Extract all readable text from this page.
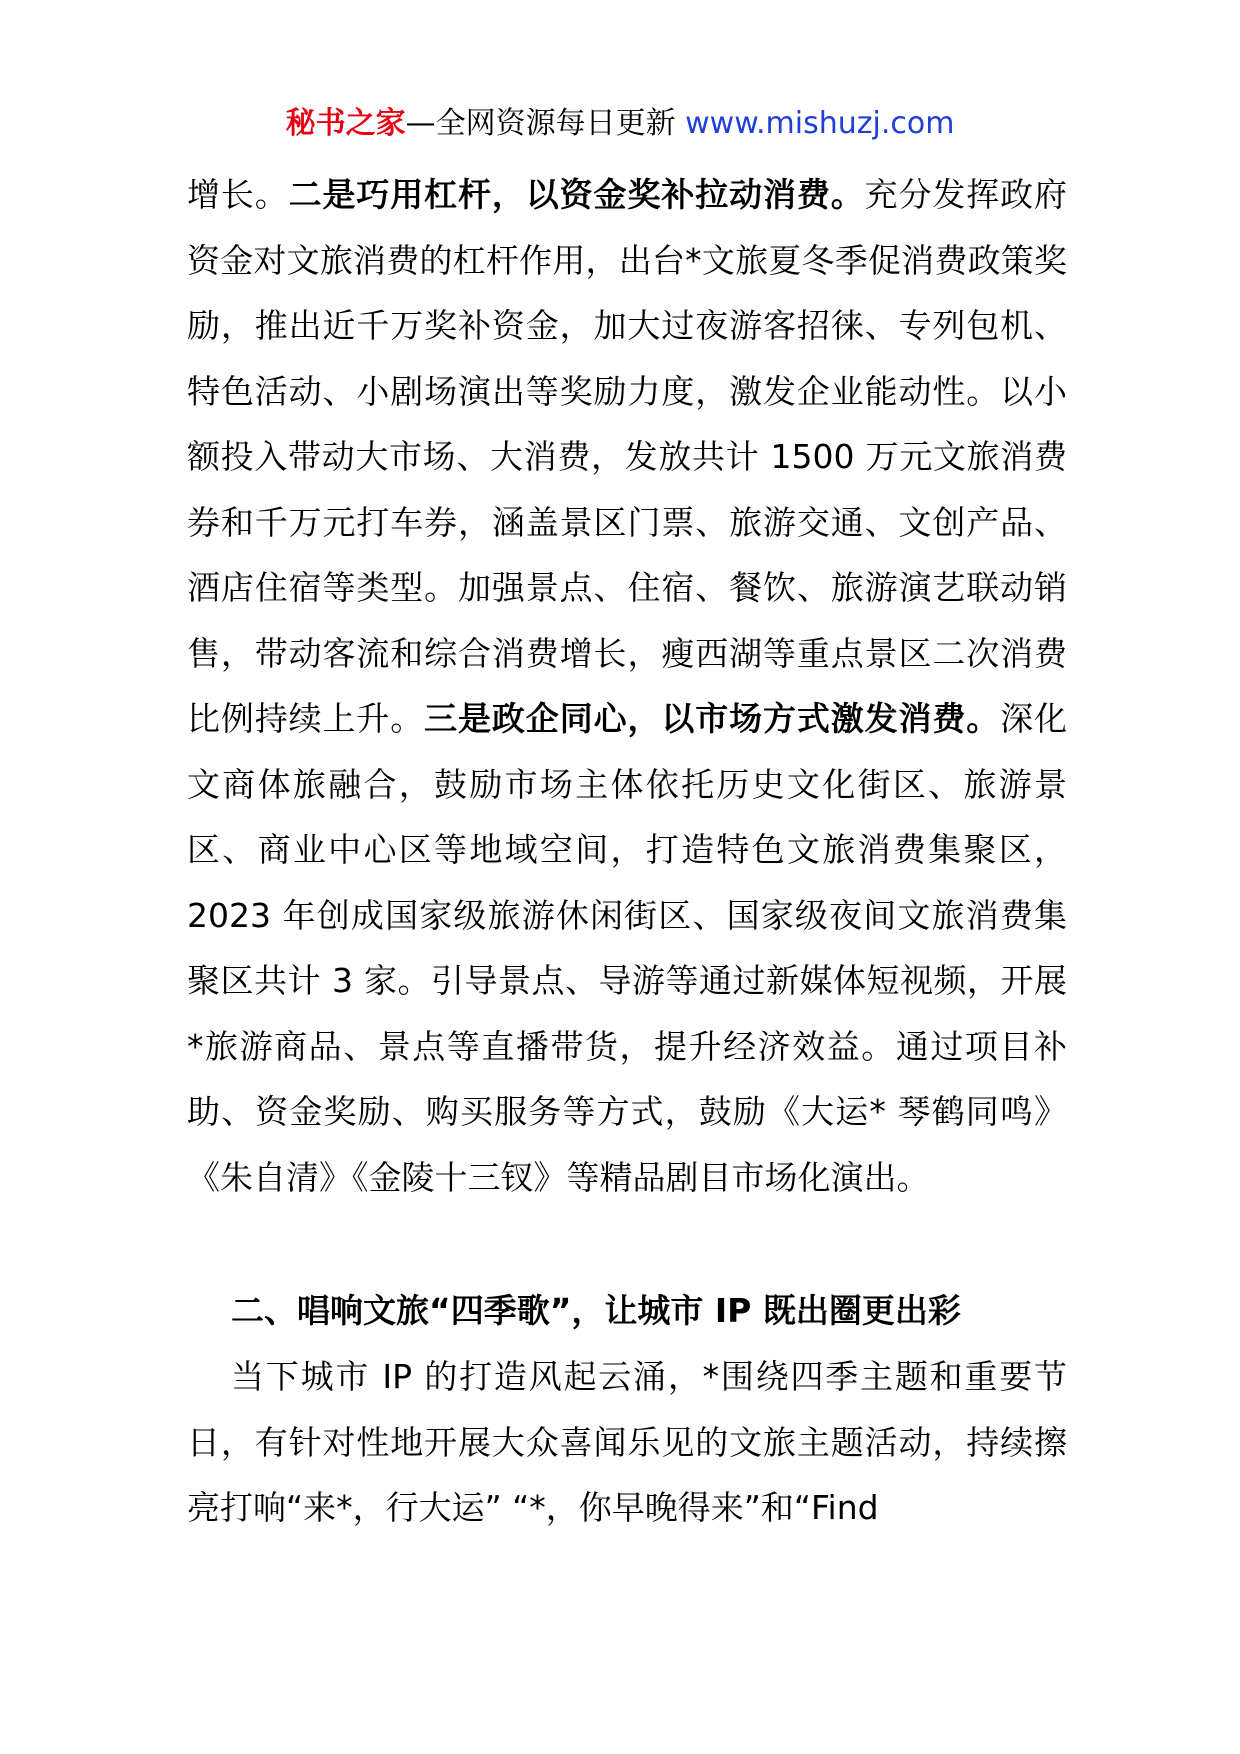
秘书之家—全网资源每日更新 www.mishuzj.com

增长。二是巧用杠杆，以资金奖补拉动消费。充分发挥政府资金对文旅消费的杠杆作用，出台*文旅夏冬季促消费政策奖励，推出近千万奖补资金，加大过夜游客招徕、专列包机、特色活动、小剧场演出等奖励力度，激发企业能动性。以小额投入带动大市场、大消费，发放共计 1500 万元文旅消费券和千万元打车券，涵盖景区门票、旅游交通、文创产品、酒店住宿等类型。加强景点、住宿、餐饮、旅游演艺联动销售，带动客流和综合消费增长，瘦西湖等重点景区二次消费比例持续上升。三是政企同心，以市场方式激发消费。深化文商体旅融合，鼓励市场主体依托历史文化街区、旅游景区、商业中心区等地域空间，打造特色文旅消费集聚区，2023 年创成国家级旅游休闲街区、国家级夜间文旅消费集聚区共计 3 家。引导景点、导游等通过新媒体短视频，开展*旅游商品、景点等直播带货，提升经济效益。通过项目补助、资金奖励、购买服务等方式，鼓励《大运* 琴鹤同鸣》《朱自清》《金陵十三钗》等精品剧目市场化演出。

二、唱响文旅“四季歌”，让城市 IP 既出圈更出彩
当下城市 IP 的打造风起云涌，*围绕四季主题和重要节日，有针对性地开展大众喜闻乐见的文旅主题活动，持续擦亮打响“来*，行大运” “*，你早晚得来”和“Find
